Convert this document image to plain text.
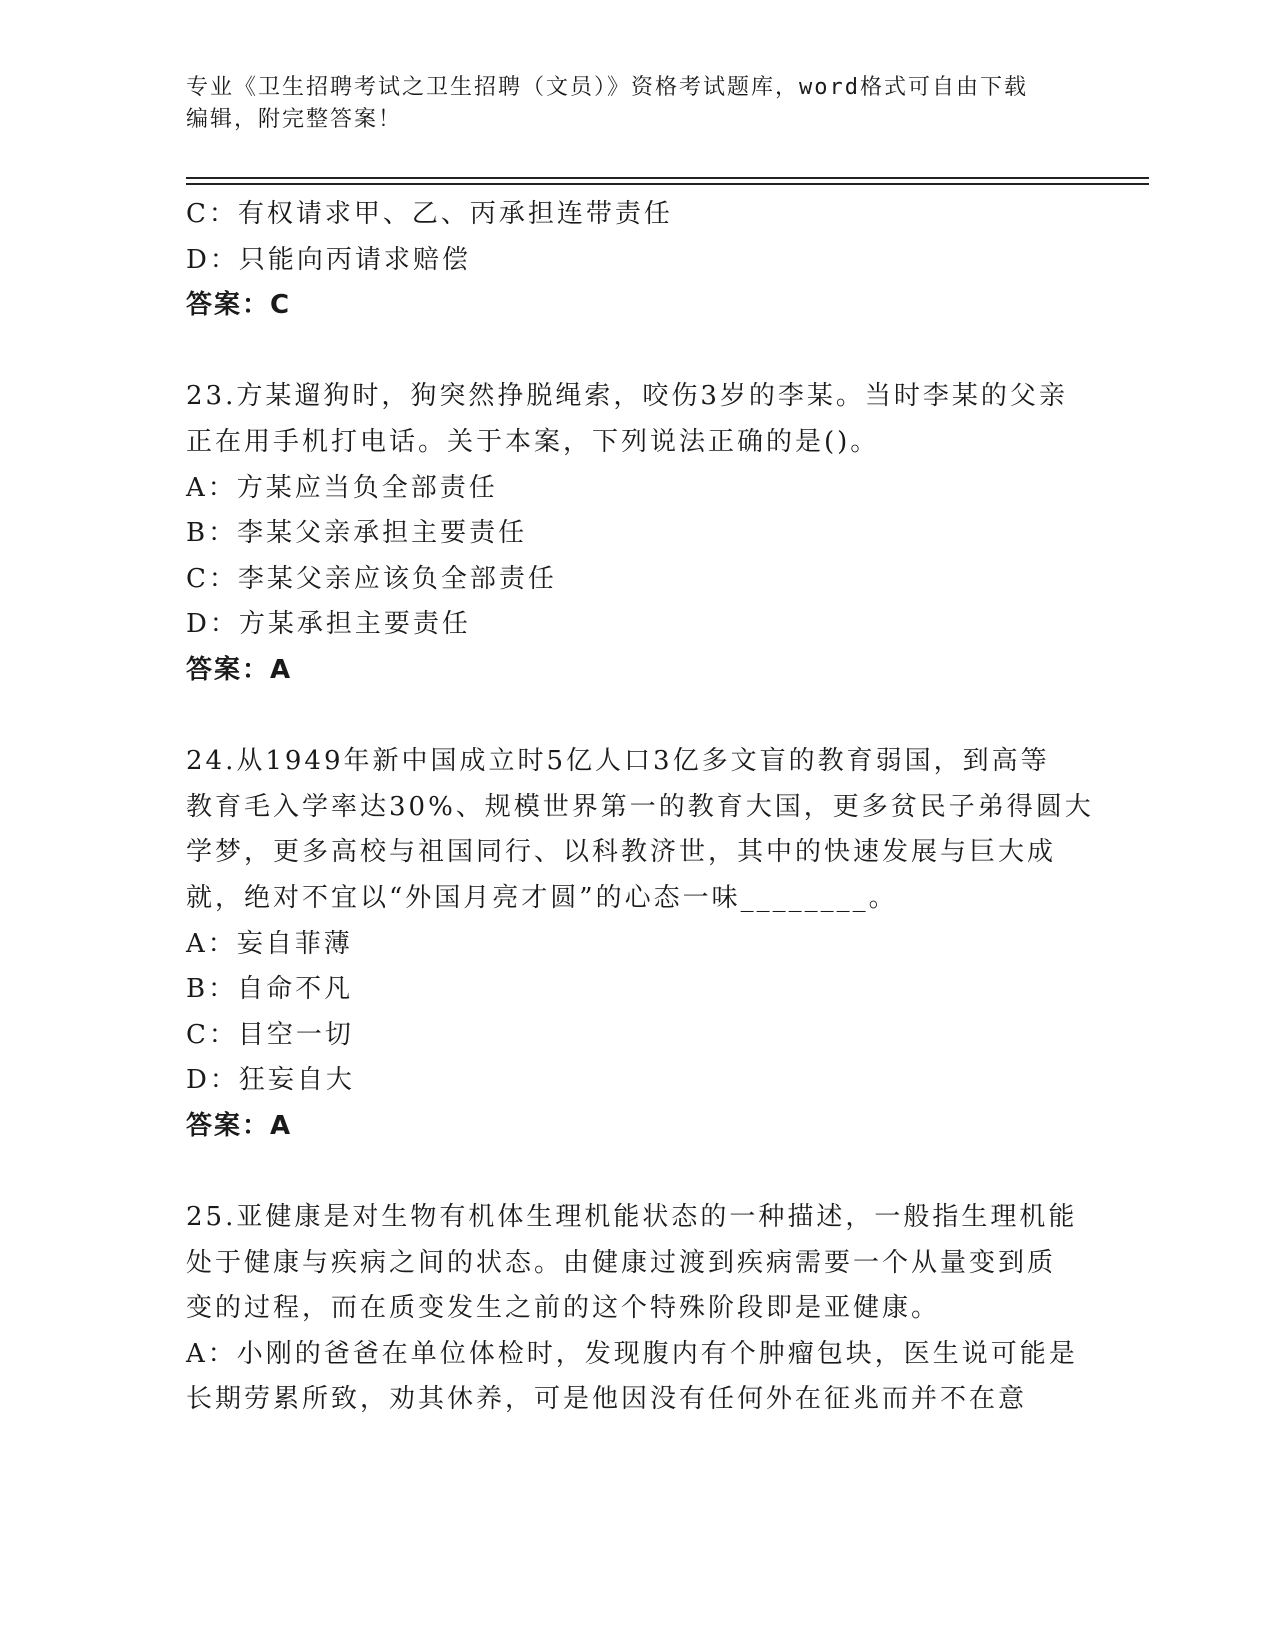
专业《卫生招聘考试之卫生招聘（文员）》资格考试题库，word格式可自由下载
编辑，附完整答案！
C：有权请求甲、乙、丙承担连带责任
D：只能向丙请求赔偿
答案：C
23.方某遛狗时，狗突然挣脱绳索，咬伤3岁的李某。当时李某的父亲
正在用手机打电话。关于本案，下列说法正确的是()。
A：方某应当负全部责任
B：李某父亲承担主要责任
C：李某父亲应该负全部责任
D：方某承担主要责任
答案：A
24.从1949年新中国成立时5亿人口3亿多文盲的教育弱国，到高等
教育毛入学率达30%、规模世界第一的教育大国，更多贫民子弟得圆大
学梦，更多高校与祖国同行、以科教济世，其中的快速发展与巨大成
就，绝对不宜以“外国月亮才圆”的心态一味________。
A：妄自菲薄
B：自命不凡
C：目空一切
D：狂妄自大
答案：A
25.亚健康是对生物有机体生理机能状态的一种描述，一般指生理机能
处于健康与疾病之间的状态。由健康过渡到疾病需要一个从量变到质
变的过程，而在质变发生之前的这个特殊阶段即是亚健康。
A：小刚的爸爸在单位体检时，发现腹内有个肿瘤包块，医生说可能是
长期劳累所致，劝其休养，可是他因没有任何外在征兆而并不在意
